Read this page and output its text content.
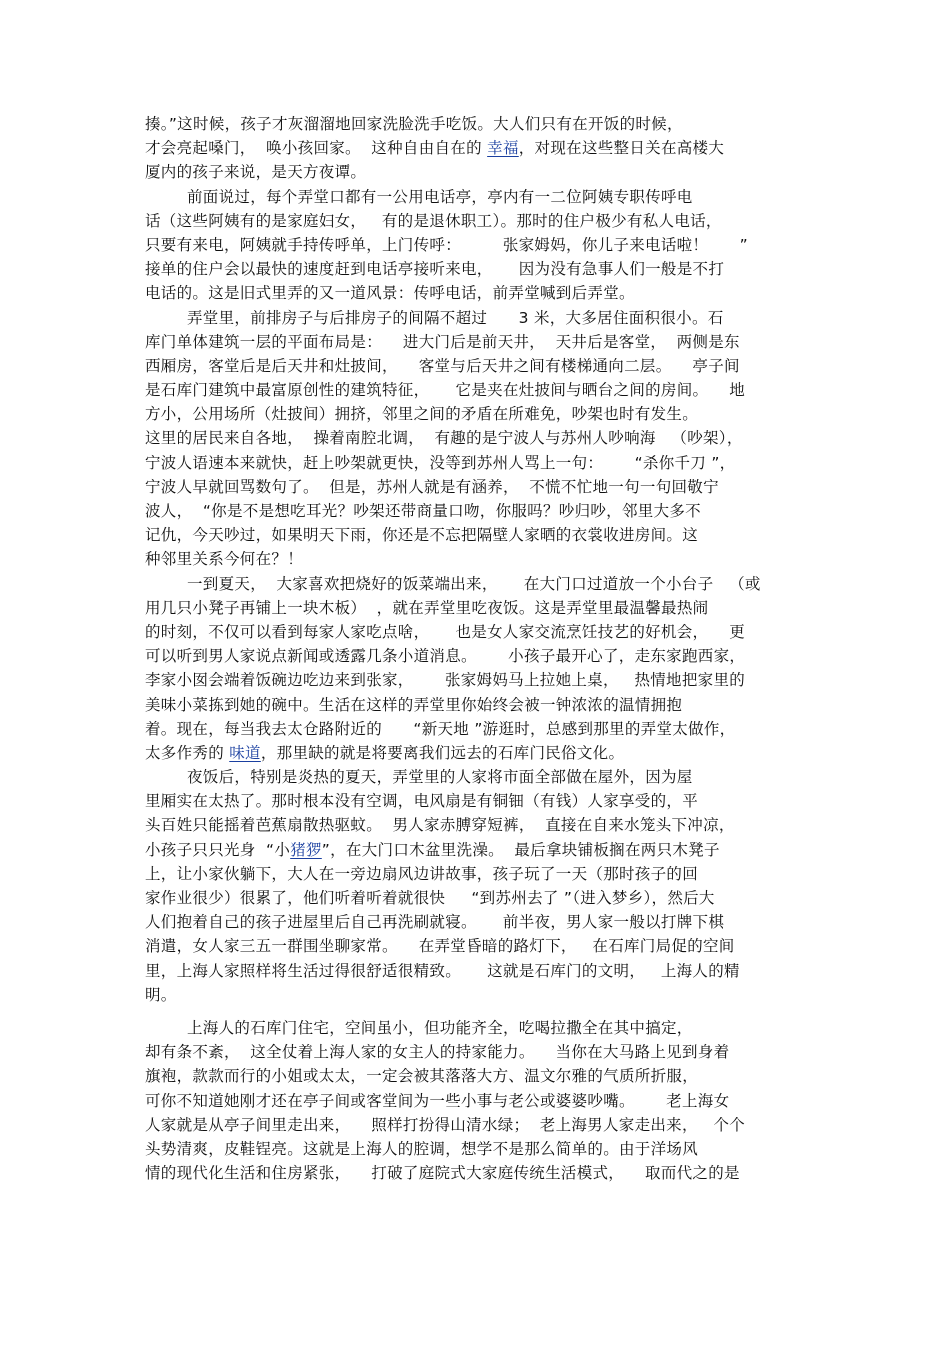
揍。”这时候，孩子才灰溜溜地回家洗脸洗手吃饭。大人们只有在开饭的时候，
才会亮起嗓门，  唤小孩回家。  这种自由自在的 幸福，对现在这些整日关在高楼大
厦内的孩子来说，是天方夜谭。
前面说过，每个弄堂口都有一公用电话亭，亭内有一二位阿姨专职传呼电
话（这些阿姨有的是家庭妇女，   有的是退休职工）。那时的住户极少有私人电话，
只要有来电，阿姨就手持传呼单，上门传呼：        张家姆妈，你儿子来电话啦！      ”
接单的住户会以最快的速度赶到电话亭接听来电，     因为没有急事人们一般是不打
电话的。这是旧式里弄的又一道风景：传呼电话，前弄堂喊到后弄堂。
弄堂里，前排房子与后排房子的间隔不超过      3 米，大多居住面积很小。石
库门单体建筑一层的平面布局是：    进大门后是前天井，  天井后是客堂，  两侧是东
西厢房，客堂后是后天井和灶披间，    客堂与后天井之间有楼梯通向二层。    亭子间
是石库门建筑中最富原创性的建筑特征，     它是夹在灶披间与晒台之间的房间。    地
方小，公用场所（灶披间）拥挤，邻里之间的矛盾在所难免，吵架也时有发生。
这里的居民来自各地，  操着南腔北调，  有趣的是宁波人与苏州人吵响海   （吵架），
宁波人语速本来就快，赶上吵架就更快，没等到苏州人骂上一句：      “杀你千刀 ”，
宁波人早就回骂数句了。  但是，苏州人就是有涵养，  不慌不忙地一句一句回敬宁
波人，  “你是不是想吃耳光？吵架还带商量口吻，你服吗？吵归吵，邻里大多不
记仇，今天吵过，如果明天下雨，你还是不忘把隔壁人家晒的衣裳收进房间。这
种邻里关系今何在？！
一到夏天，  大家喜欢把烧好的饭菜端出来，     在大门口过道放一个小台子   （或
用几只小凳子再铺上一块木板）  ，就在弄堂里吃夜饭。这是弄堂里最温馨最热闹
的时刻，不仅可以看到每家人家吃点啥，     也是女人家交流烹饪技艺的好机会，    更
可以听到男人家说点新闻或透露几条小道消息。      小孩子最开心了，走东家跑西家，
李家小囡会端着饭碗边吃边来到张家，      张家姆妈马上拉她上桌，   热情地把家里的
美味小菜拣到她的碗中。生活在这样的弄堂里你始终会被一钟浓浓的温情拥抱
着。现在，每当我去太仓路附近的      “新天地 ”游逛时，总感到那里的弄堂太做作，
太多作秀的 味道，那里缺的就是将要离我们远去的石库门民俗文化。
夜饭后，特别是炎热的夏天，弄堂里的人家将市面全部做在屋外，因为屋
里厢实在太热了。那时根本没有空调，电风扇是有铜钿（有钱）人家享受的，平
头百姓只能摇着芭蕉扇散热驱蚊。  男人家赤膊穿短裤，  直接在自来水笼头下冲凉，
小孩子只只光身  “小猪猡”，在大门口木盆里洗澡。  最后拿块铺板搁在两只木凳子
上，让小家伙躺下，大人在一旁边扇风边讲故事，孩子玩了一天（那时孩子的回
家作业很少）很累了，他们听着听着就很快     “到苏州去了 ”（进入梦乡），然后大
人们抱着自己的孩子进屋里后自己再洗刷就寝。     前半夜，男人家一般以打牌下棋
消遣，女人家三五一群围坐聊家常。    在弄堂昏暗的路灯下，   在石库门局促的空间
里，上海人家照样将生活过得很舒适很精致。     这就是石库门的文明，   上海人的精
明。
上海人的石库门住宅，空间虽小，但功能齐全，吃喝拉撒全在其中搞定，
却有条不紊，  这全仗着上海人家的女主人的持家能力。    当你在大马路上见到身着
旗袍，款款而行的小姐或太太，一定会被其落落大方、温文尔雅的气质所折服，
可你不知道她刚才还在亭子间或客堂间为一些小事与老公或婆婆吵嘴。      老上海女
人家就是从亭子间里走出来，    照样打扮得山清水绿；  老上海男人家走出来，   个个
头势清爽，皮鞋锃亮。这就是上海人的腔调，想学不是那么简单的。由于洋场风
情的现代化生活和住房紧张，    打破了庭院式大家庭传统生活模式，    取而代之的是
